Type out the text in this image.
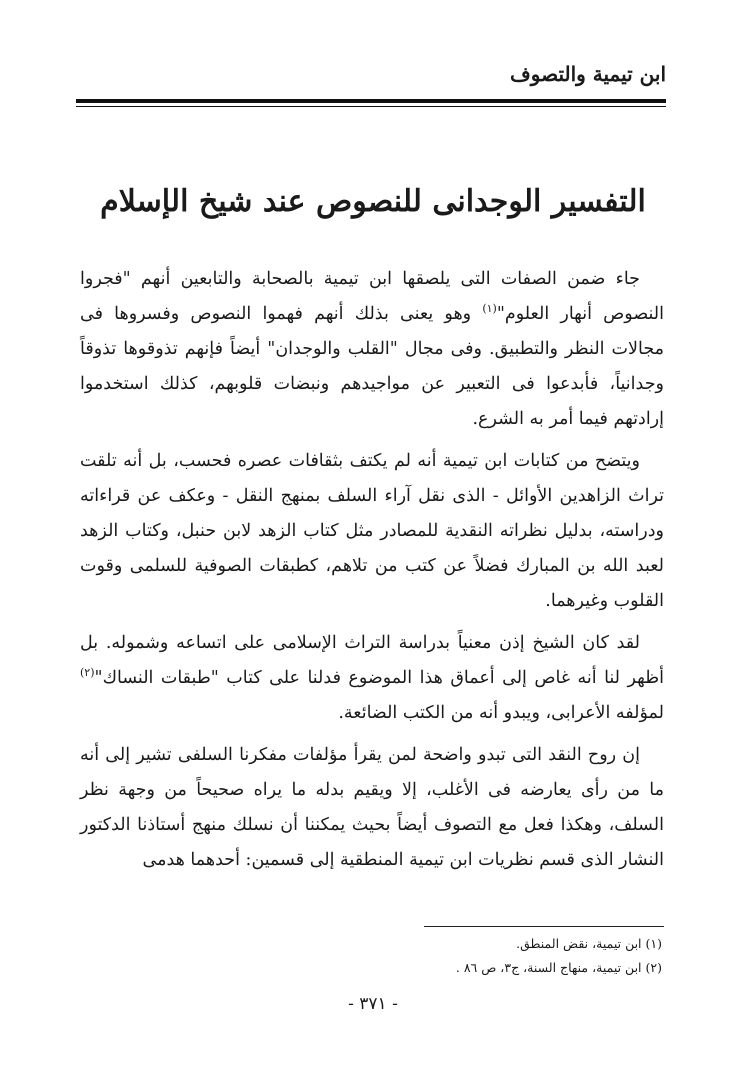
ابن تيمية والتصوف
التفسير الوجدانى للنصوص عند شيخ الإسلام

جاء ضمن الصفات التى يلصقها ابن تيمية بالصحابة والتابعين أنهم "فجروا النصوص أنهار العلوم"$^{(١)}$ وهو يعنى بذلك أنهم فهموا النصوص وفسروها فى مجالات النظر والتطبيق. وفى مجال "القلب والوجدان" أيضاً فإنهم تذوقوها تذوقاً وجدانياً، فأبدعوا فى التعبير عن مواجيدهم ونبضات قلوبهم، كذلك استخدموا إرادتهم فيما أمر به الشرع.

ويتضح من كتابات ابن تيمية أنه لم يكتف بثقافات عصره فحسب، بل أنه تلقت تراث الزاهدين الأوائل - الذى نقل آراء السلف بمنهج النقل - وعكف عن قراءاته ودراسته، بدليل نظراته النقدية للمصادر مثل كتاب الزهد لابن حنبل، وكتاب الزهد لعبد الله بن المبارك فضلاً عن كتب من تلاهم، كطبقات الصوفية للسلمى وقوت القلوب وغيرهما.

لقد كان الشيخ إذن معنياً بدراسة التراث الإسلامى على اتساعه وشموله. بل أظهر لنا أنه غاص إلى أعماق هذا الموضوع فدلنا على كتاب "طبقات النساك"$^{(٢)}$ لمؤلفه الأعرابى، ويبدو أنه من الكتب الضائعة.

إن روح النقد التى تبدو واضحة لمن يقرأ مؤلفات مفكرنا السلفى تشير إلى أنه ما من رأى يعارضه فى الأغلب، إلا ويقيم بدله ما يراه صحيحاً من وجهة نظر السلف، وهكذا فعل مع التصوف أيضاً بحيث يمكننا أن نسلك منهج أستاذنا الدكتور النشار الذى قسم نظريات ابن تيمية المنطقية إلى قسمين: أحدهما هدمى

(١) ابن تيمية، نقض المنطق.
(٢) ابن تيمية، منهاج السنة، ج٣، ص ٨٦ .
- ٣٧١ -
